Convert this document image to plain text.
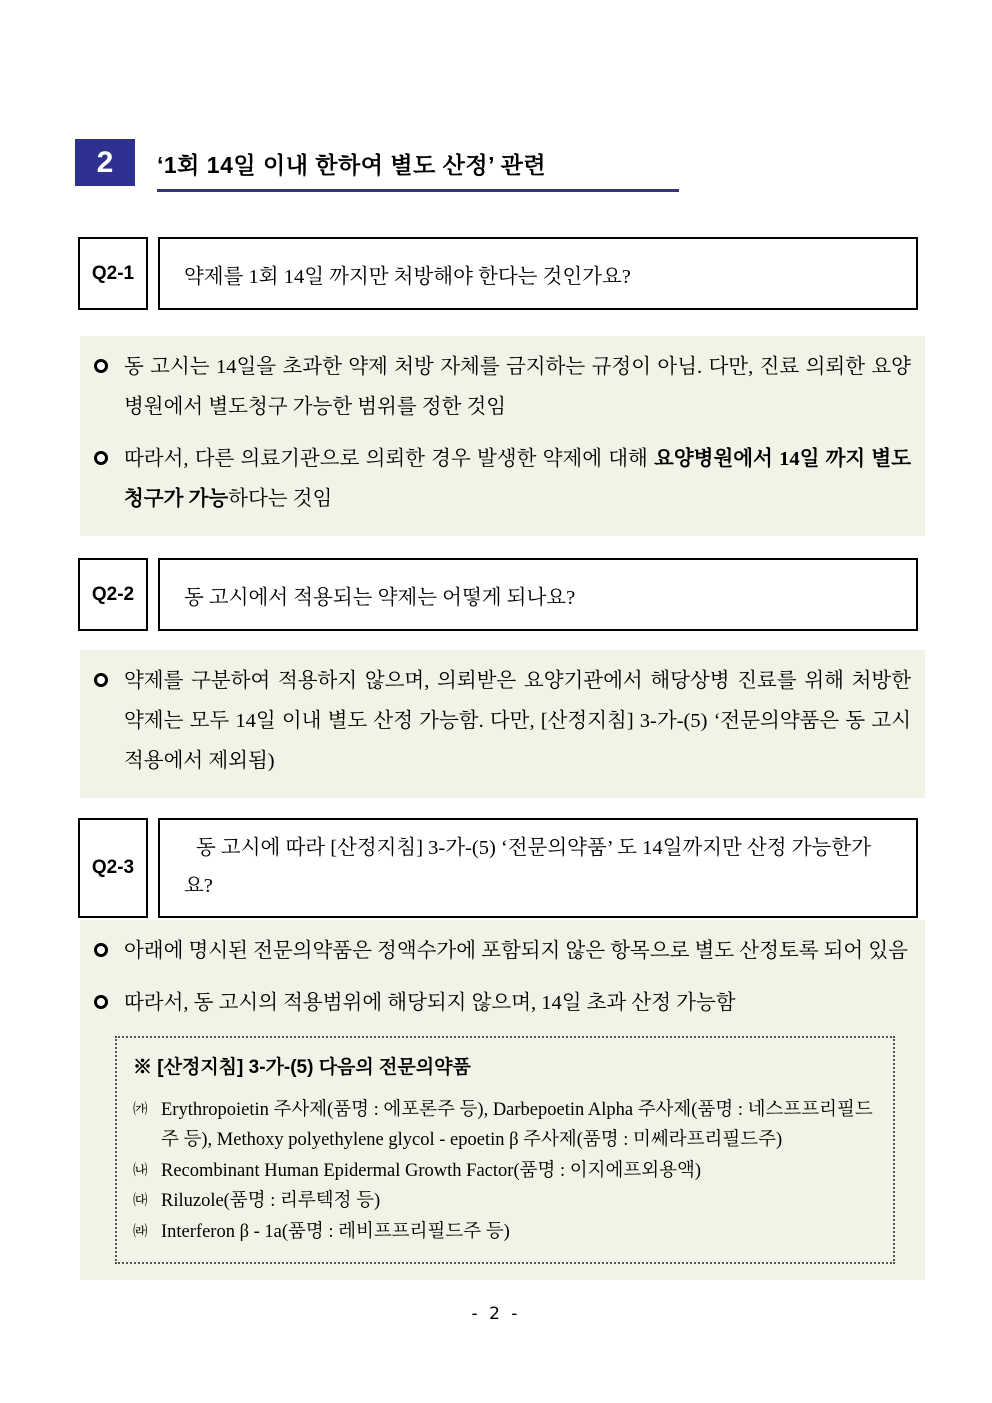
2	‘1회 14일 이내 한하여 별도 산정’ 관련
Q2-1	약제를 1회 14일 까지만 처방해야 한다는 것인가요?
동 고시는 14일을 초과한 약제 처방 자체를 금지하는 규정이 아님. 다만, 진료 의뢰한 요양병원에서 별도청구 가능한 범위를 정한 것임
따라서, 다른 의료기관으로 의뢰한 경우 발생한 약제에 대해 요양병원에서 14일 까지 별도 청구가 가능하다는 것임
Q2-2	동 고시에서 적용되는 약제는 어떻게 되나요?
약제를 구분하여 적용하지 않으며, 의뢰받은 요양기관에서 해당상병 진료를 위해 처방한 약제는 모두 14일 이내 별도 산정 가능함. 다만, [산정지침] 3-가-(5) ‘전문의약품은 동 고시 적용에서 제외됨)
Q2-3
동 고시에 따라 [산정지침] 3-가-(5) ‘전문의약품’ 도 14일까지만 산정 가능한가요?
아래에 명시된 전문의약품은 정액수가에 포함되지 않은 항목으로 별도 산정토록 되어 있음
따라서, 동 고시의 적용범위에 해당되지 않으며, 14일 초과 산정 가능함
※ [산정지침] 3-가-(5) 다음의 전문의약품
㈎ Erythropoietin 주사제(품명 : 에포론주 등), Darbepoetin Alpha 주사제(품명 : 네스프프리필드주 등), Methoxy polyethylene glycol - epoetin β 주사제(품명 : 미쎄라프리필드주)
㈏ Recombinant Human Epidermal Growth Factor(품명 : 이지에프외용액)
㈐ Riluzole(품명 : 리루텍정 등)
㈑ Interferon β - 1a(품명 : 레비프프리필드주 등)
- 2 -
